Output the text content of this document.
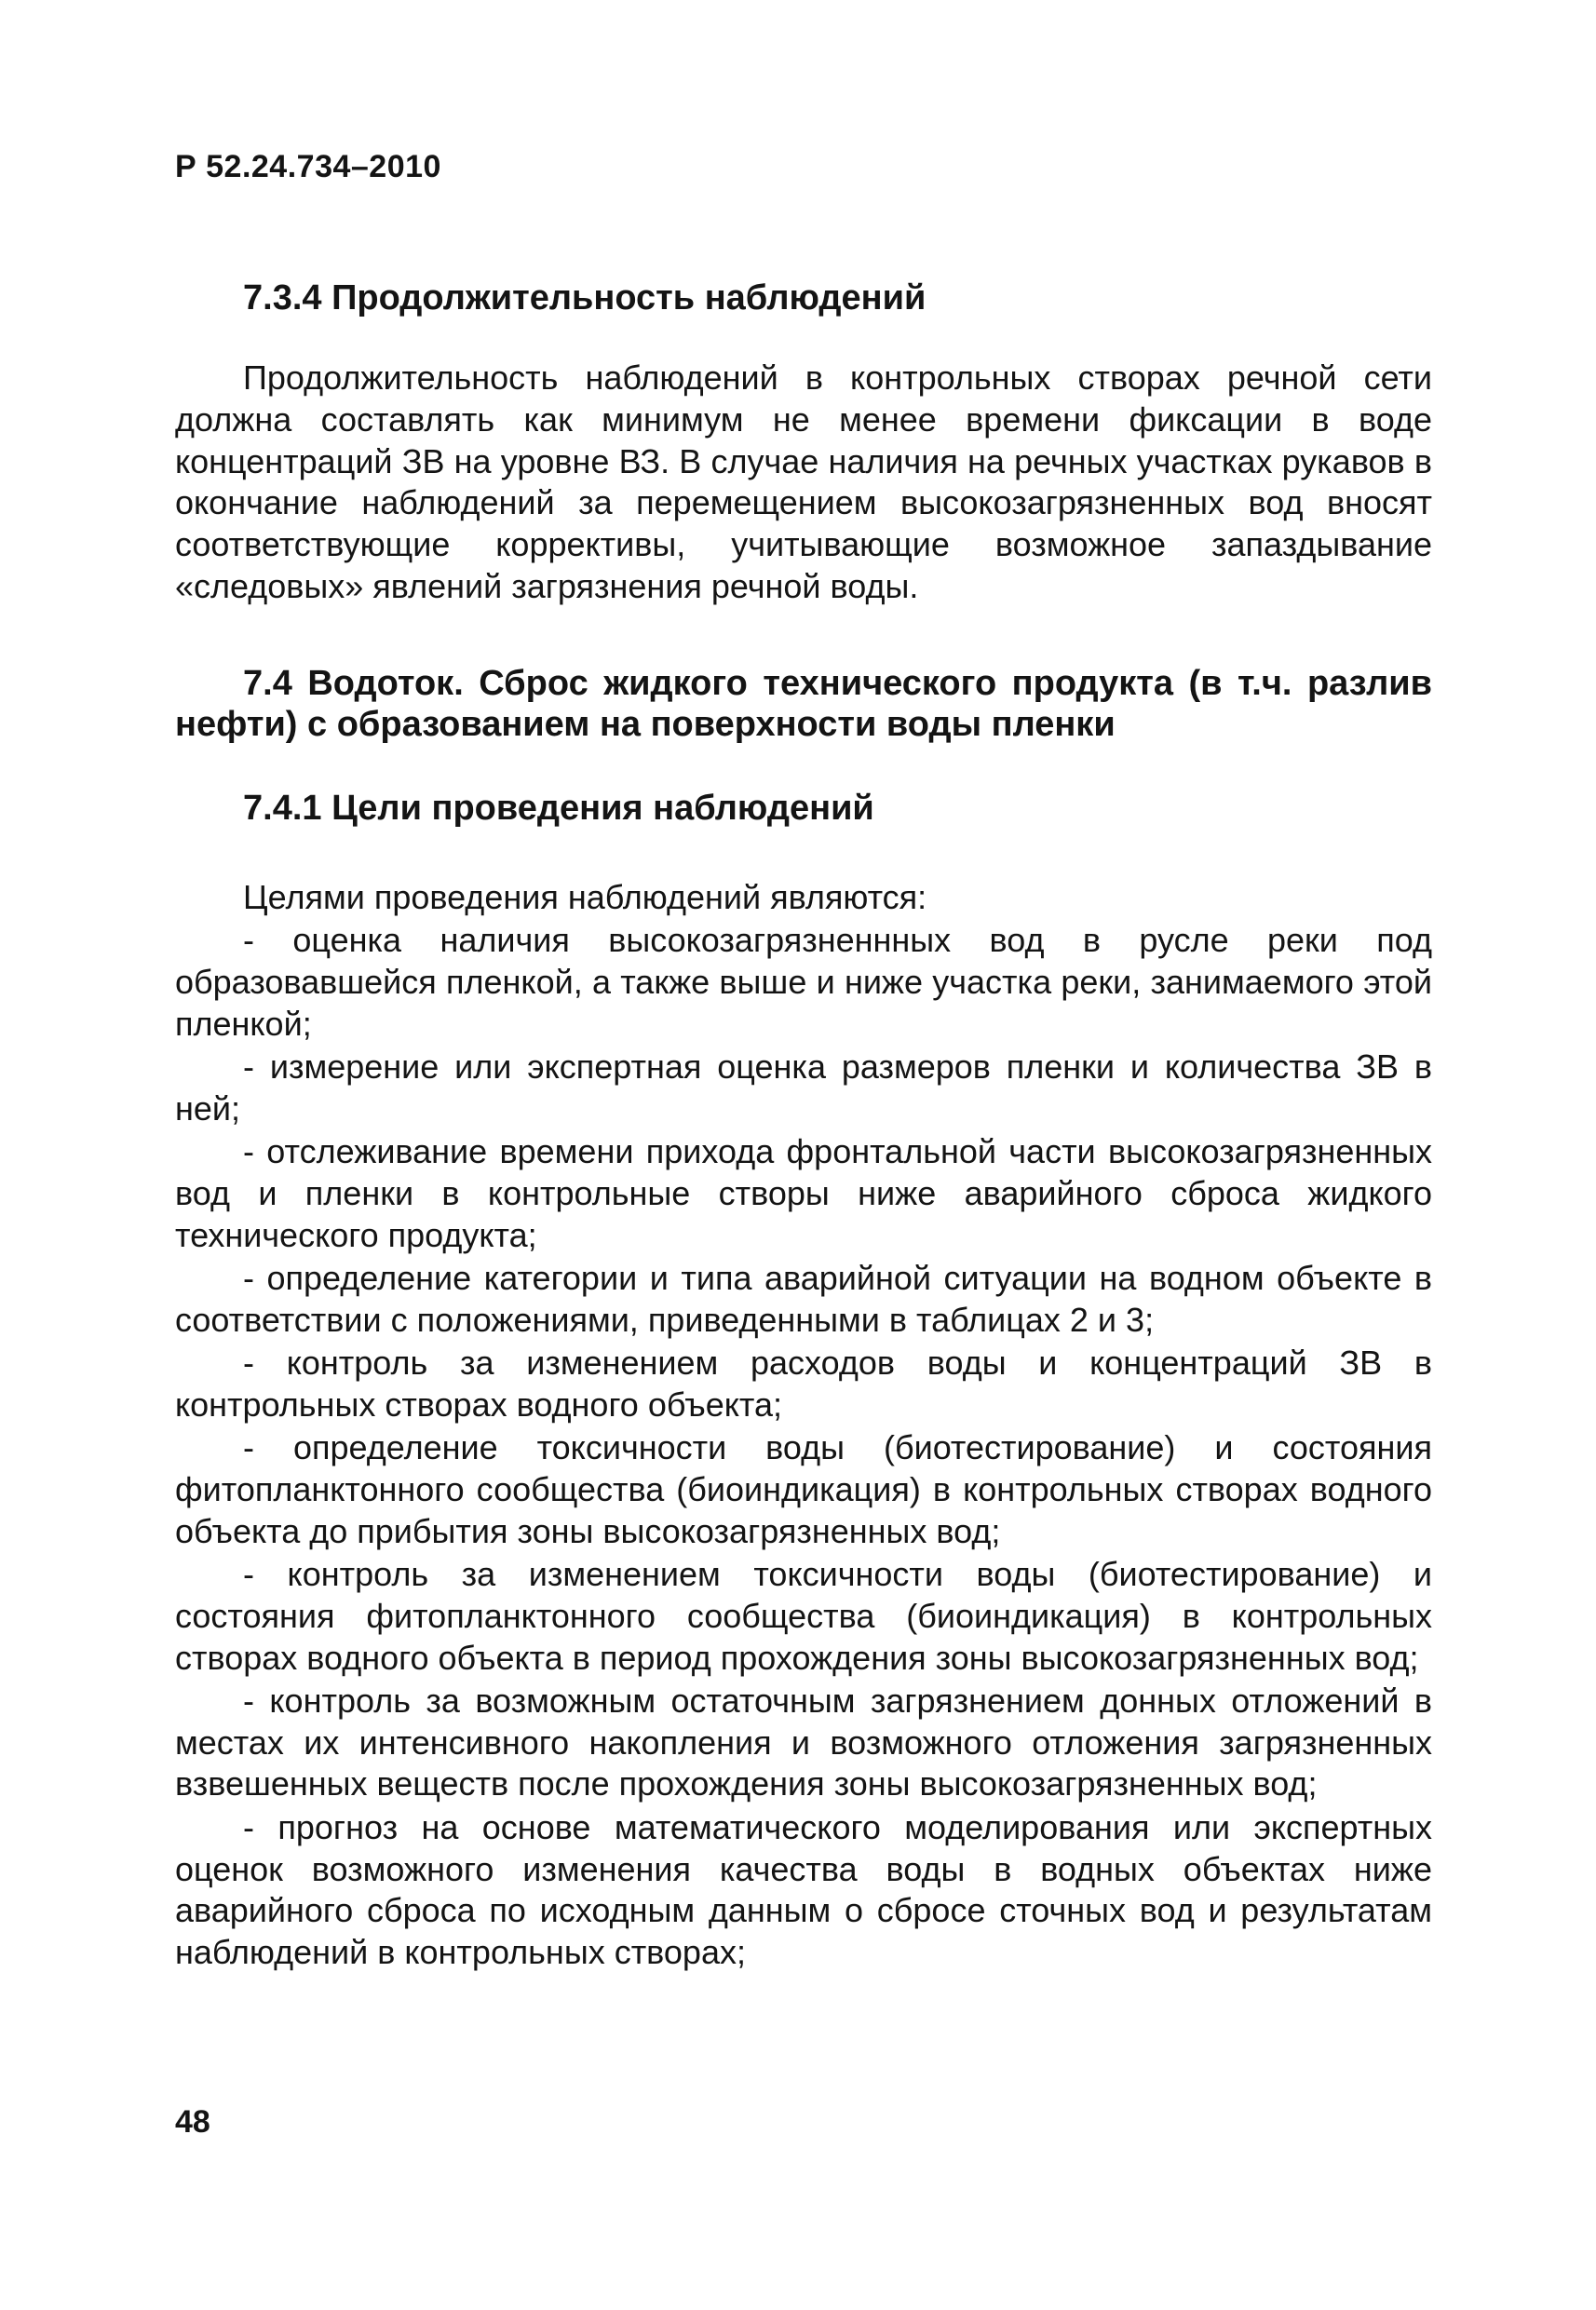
Р 52.24.734–2010
7.3.4 Продолжительность наблюдений

Продолжительность наблюдений в контрольных створах речной сети должна составлять как минимум не менее времени фиксации в воде концентраций ЗВ на уровне ВЗ. В случае наличия на речных участках рукавов в окончание наблюдений за перемещением высокозагрязненных вод вносят соответствующие коррективы, учитывающие возможное запаздывание «следовых» явлений загрязнения речной воды.

7.4 Водоток. Сброс жидкого технического продукта (в т.ч. разлив нефти) с образованием на поверхности воды пленки
7.4.1 Цели проведения наблюдений
Целями проведения наблюдений являются:
- оценка наличия высокозагрязненнных вод в русле реки под образовавшейся пленкой, а также выше и ниже участка реки, занимаемого этой пленкой;
- измерение или экспертная оценка размеров пленки и количества ЗВ в ней;
- отслеживание времени прихода фронтальной части высокозагрязненных вод и пленки в контрольные створы ниже аварийного сброса жидкого технического продукта;
- определение категории и типа аварийной ситуации на водном объекте в соответствии с положениями, приведенными в таблицах 2 и 3;
- контроль за изменением расходов воды и концентраций ЗВ в контрольных створах водного объекта;
- определение токсичности воды (биотестирование) и состояния фитопланктонного сообщества (биоиндикация) в контрольных створах водного объекта до прибытия зоны высокозагрязненных вод;
- контроль за изменением токсичности воды (биотестирование) и состояния фитопланктонного сообщества (биоиндикация) в контрольных створах водного объекта в период прохождения зоны высокозагрязненных вод;
- контроль за возможным остаточным загрязнением донных отложений в местах их интенсивного накопления и возможного отложения загрязненных взвешенных веществ после прохождения зоны высокозагрязненных вод;
- прогноз на основе математического моделирования или экспертных оценок возможного изменения качества воды в водных объектах ниже аварийного сброса по исходным данным о сбросе сточных вод и результатам наблюдений в контрольных створах;
48
